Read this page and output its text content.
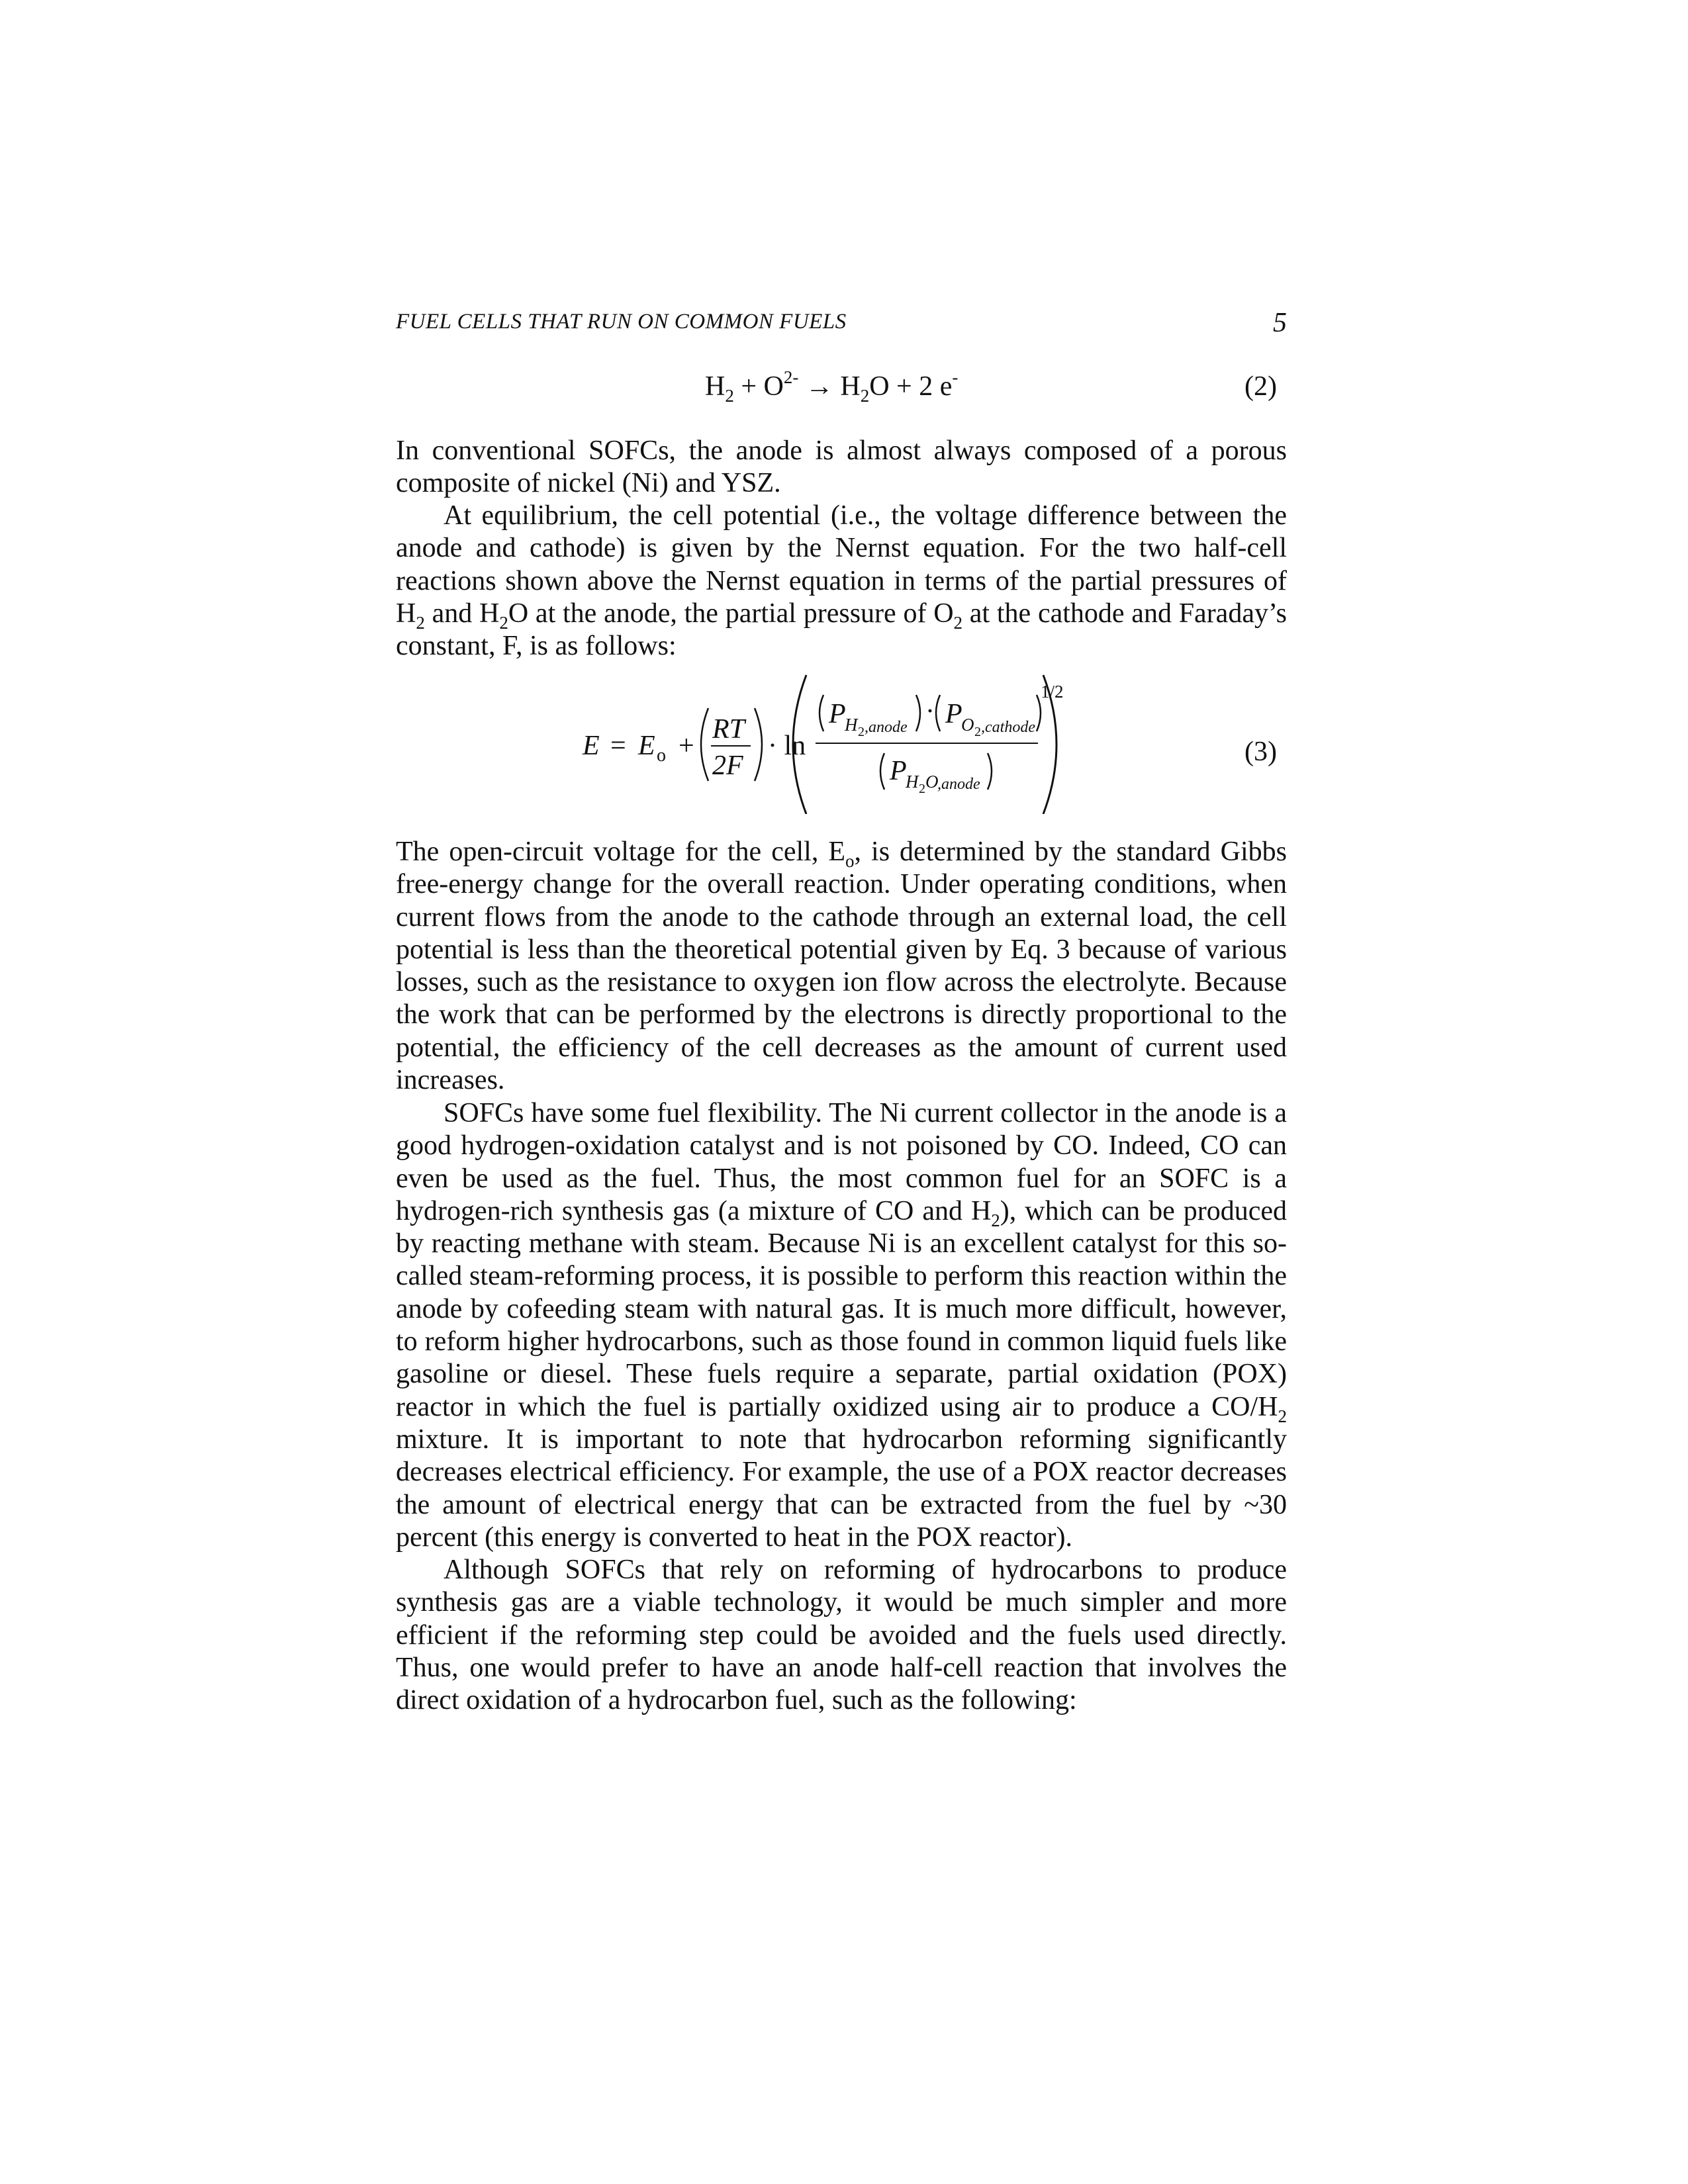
FUEL CELLS THAT RUN ON COMMON FUELS	5
$H_2 + O^{2-} \to H_2O + 2$ e-	(2)

In conventional SOFCs, the anode is almost always composed of a porous composite of nickel (Ni) and YSZ.

At equilibrium, the cell potential (i.e., the voltage difference between the anode and cathode) is given by the Nernst equation. For the two half-cell reactions shown above the Nernst equation in terms of the partial pressures of $H_2$ and $H_2O$ at the anode, the partial pressure of $O_2$ at the cathode and Faraday’s constant, F, is as follows:

E = E o +
RT
2F
· ln
P
H 2 ,anode
· P
O 2 ,cathode
1/2
P
H 2 O
,anode
(3)

The open-circuit voltage for the cell, $E_o$, is determined by the standard Gibbs free-energy change for the overall reaction. Under operating conditions, when current flows from the anode to the cathode through an external load, the cell potential is less than the theoretical potential given by Eq. 3 because of various losses, such as the resistance to oxygen ion flow across the electrolyte. Because the work that can be performed by the electrons is directly proportional to the potential, the efficiency of the cell decreases as the amount of current used increases.

SOFCs have some fuel flexibility. The Ni current collector in the anode is a good hydrogen-oxidation catalyst and is not poisoned by CO. Indeed, CO can even be used as the fuel. Thus, the most common fuel for an SOFC is a hydrogen-rich synthesis gas (a mixture of CO and $H_2$), which can be produced by reacting methane with steam. Because Ni is an excellent catalyst for this so-called steam-reforming process, it is possible to perform this reaction within the anode by cofeeding steam with natural gas. It is much more difficult, however, to reform higher hydrocarbons, such as those found in common liquid fuels like gasoline or diesel. These fuels require a separate, partial oxidation (POX) reactor in which the fuel is partially oxidized using air to produce a $CO/H_2$ mixture. It is important to note that hydrocarbon reforming significantly decreases electrical efficiency. For example, the use of a POX reactor decreases the amount of electrical energy that can be extracted from the fuel by ~30 percent (this energy is converted to heat in the POX reactor).

Although SOFCs that rely on reforming of hydrocarbons to produce synthesis gas are a viable technology, it would be much simpler and more efficient if the reforming step could be avoided and the fuels used directly. Thus, one would prefer to have an anode half-cell reaction that involves the direct oxidation of a hydrocarbon fuel, such as the following:
